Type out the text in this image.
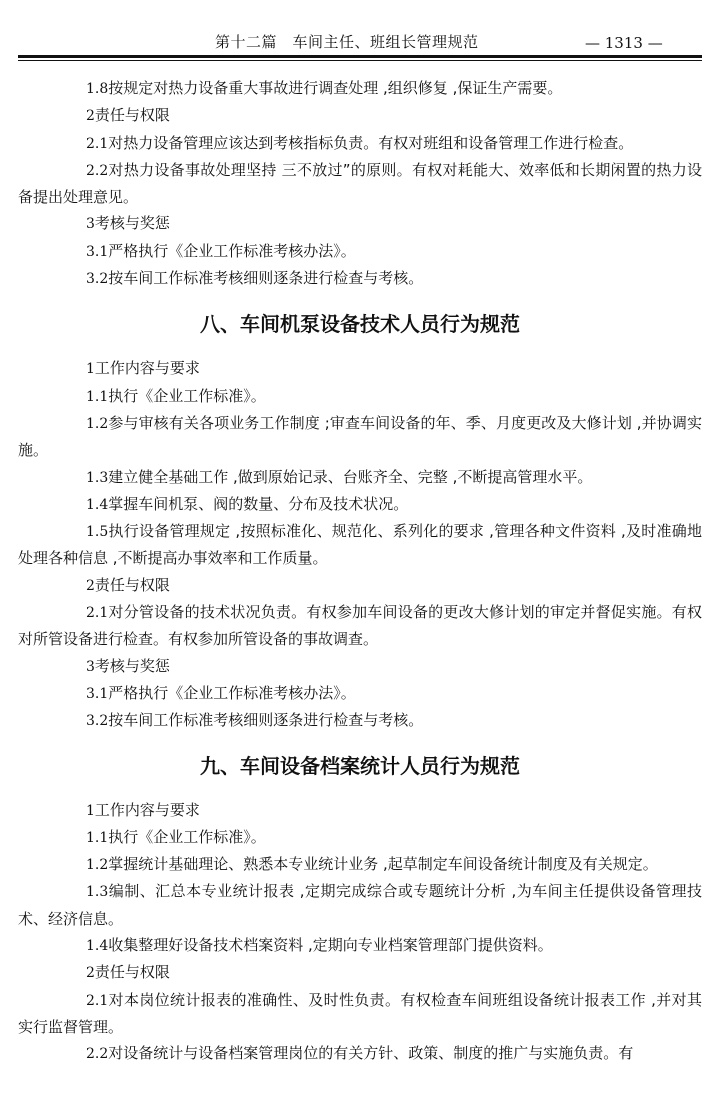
第十二篇　车间主任、班组长管理规范	— 1313 —

1.8按规定对热力设备重大事故进行调查处理 ,组织修复 ,保证生产需要。

2责任与权限

2.1对热力设备管理应该达到考核指标负责。有权对班组和设备管理工作进行检查。

2.2对热力设备事故处理坚持 三不放过”的原则。有权对耗能大、效率低和长期闲置的热力设备提出处理意见。

3考核与奖惩

3.1严格执行《企业工作标准考核办法》。

3.2按车间工作标准考核细则逐条进行检查与考核。

八、车间机泵设备技术人员行为规范

1工作内容与要求

1.1执行《企业工作标准》。

1.2参与审核有关各项业务工作制度 ;审查车间设备的年、季、月度更改及大修计划 ,并协调实施。

1.3建立健全基础工作 ,做到原始记录、台账齐全、完整 ,不断提高管理水平。

1.4掌握车间机泵、阀的数量、分布及技术状况。

1.5执行设备管理规定 ,按照标准化、规范化、系列化的要求 ,管理各种文件资料 ,及时准确地处理各种信息 ,不断提高办事效率和工作质量。

2责任与权限

2.1对分管设备的技术状况负责。有权参加车间设备的更改大修计划的审定并督促实施。有权对所管设备进行检查。有权参加所管设备的事故调查。

3考核与奖惩

3.1严格执行《企业工作标准考核办法》。

3.2按车间工作标准考核细则逐条进行检查与考核。

九、车间设备档案统计人员行为规范

1工作内容与要求

1.1执行《企业工作标准》。

1.2掌握统计基础理论、熟悉本专业统计业务 ,起草制定车间设备统计制度及有关规定。

1.3编制、汇总本专业统计报表 ,定期完成综合或专题统计分析 ,为车间主任提供设备管理技术、经济信息。

1.4收集整理好设备技术档案资料 ,定期向专业档案管理部门提供资料。

2责任与权限

2.1对本岗位统计报表的准确性、及时性负责。有权检查车间班组设备统计报表工作 ,并对其实行监督管理。

2.2对设备统计与设备档案管理岗位的有关方针、政策、制度的推广与实施负责。有
